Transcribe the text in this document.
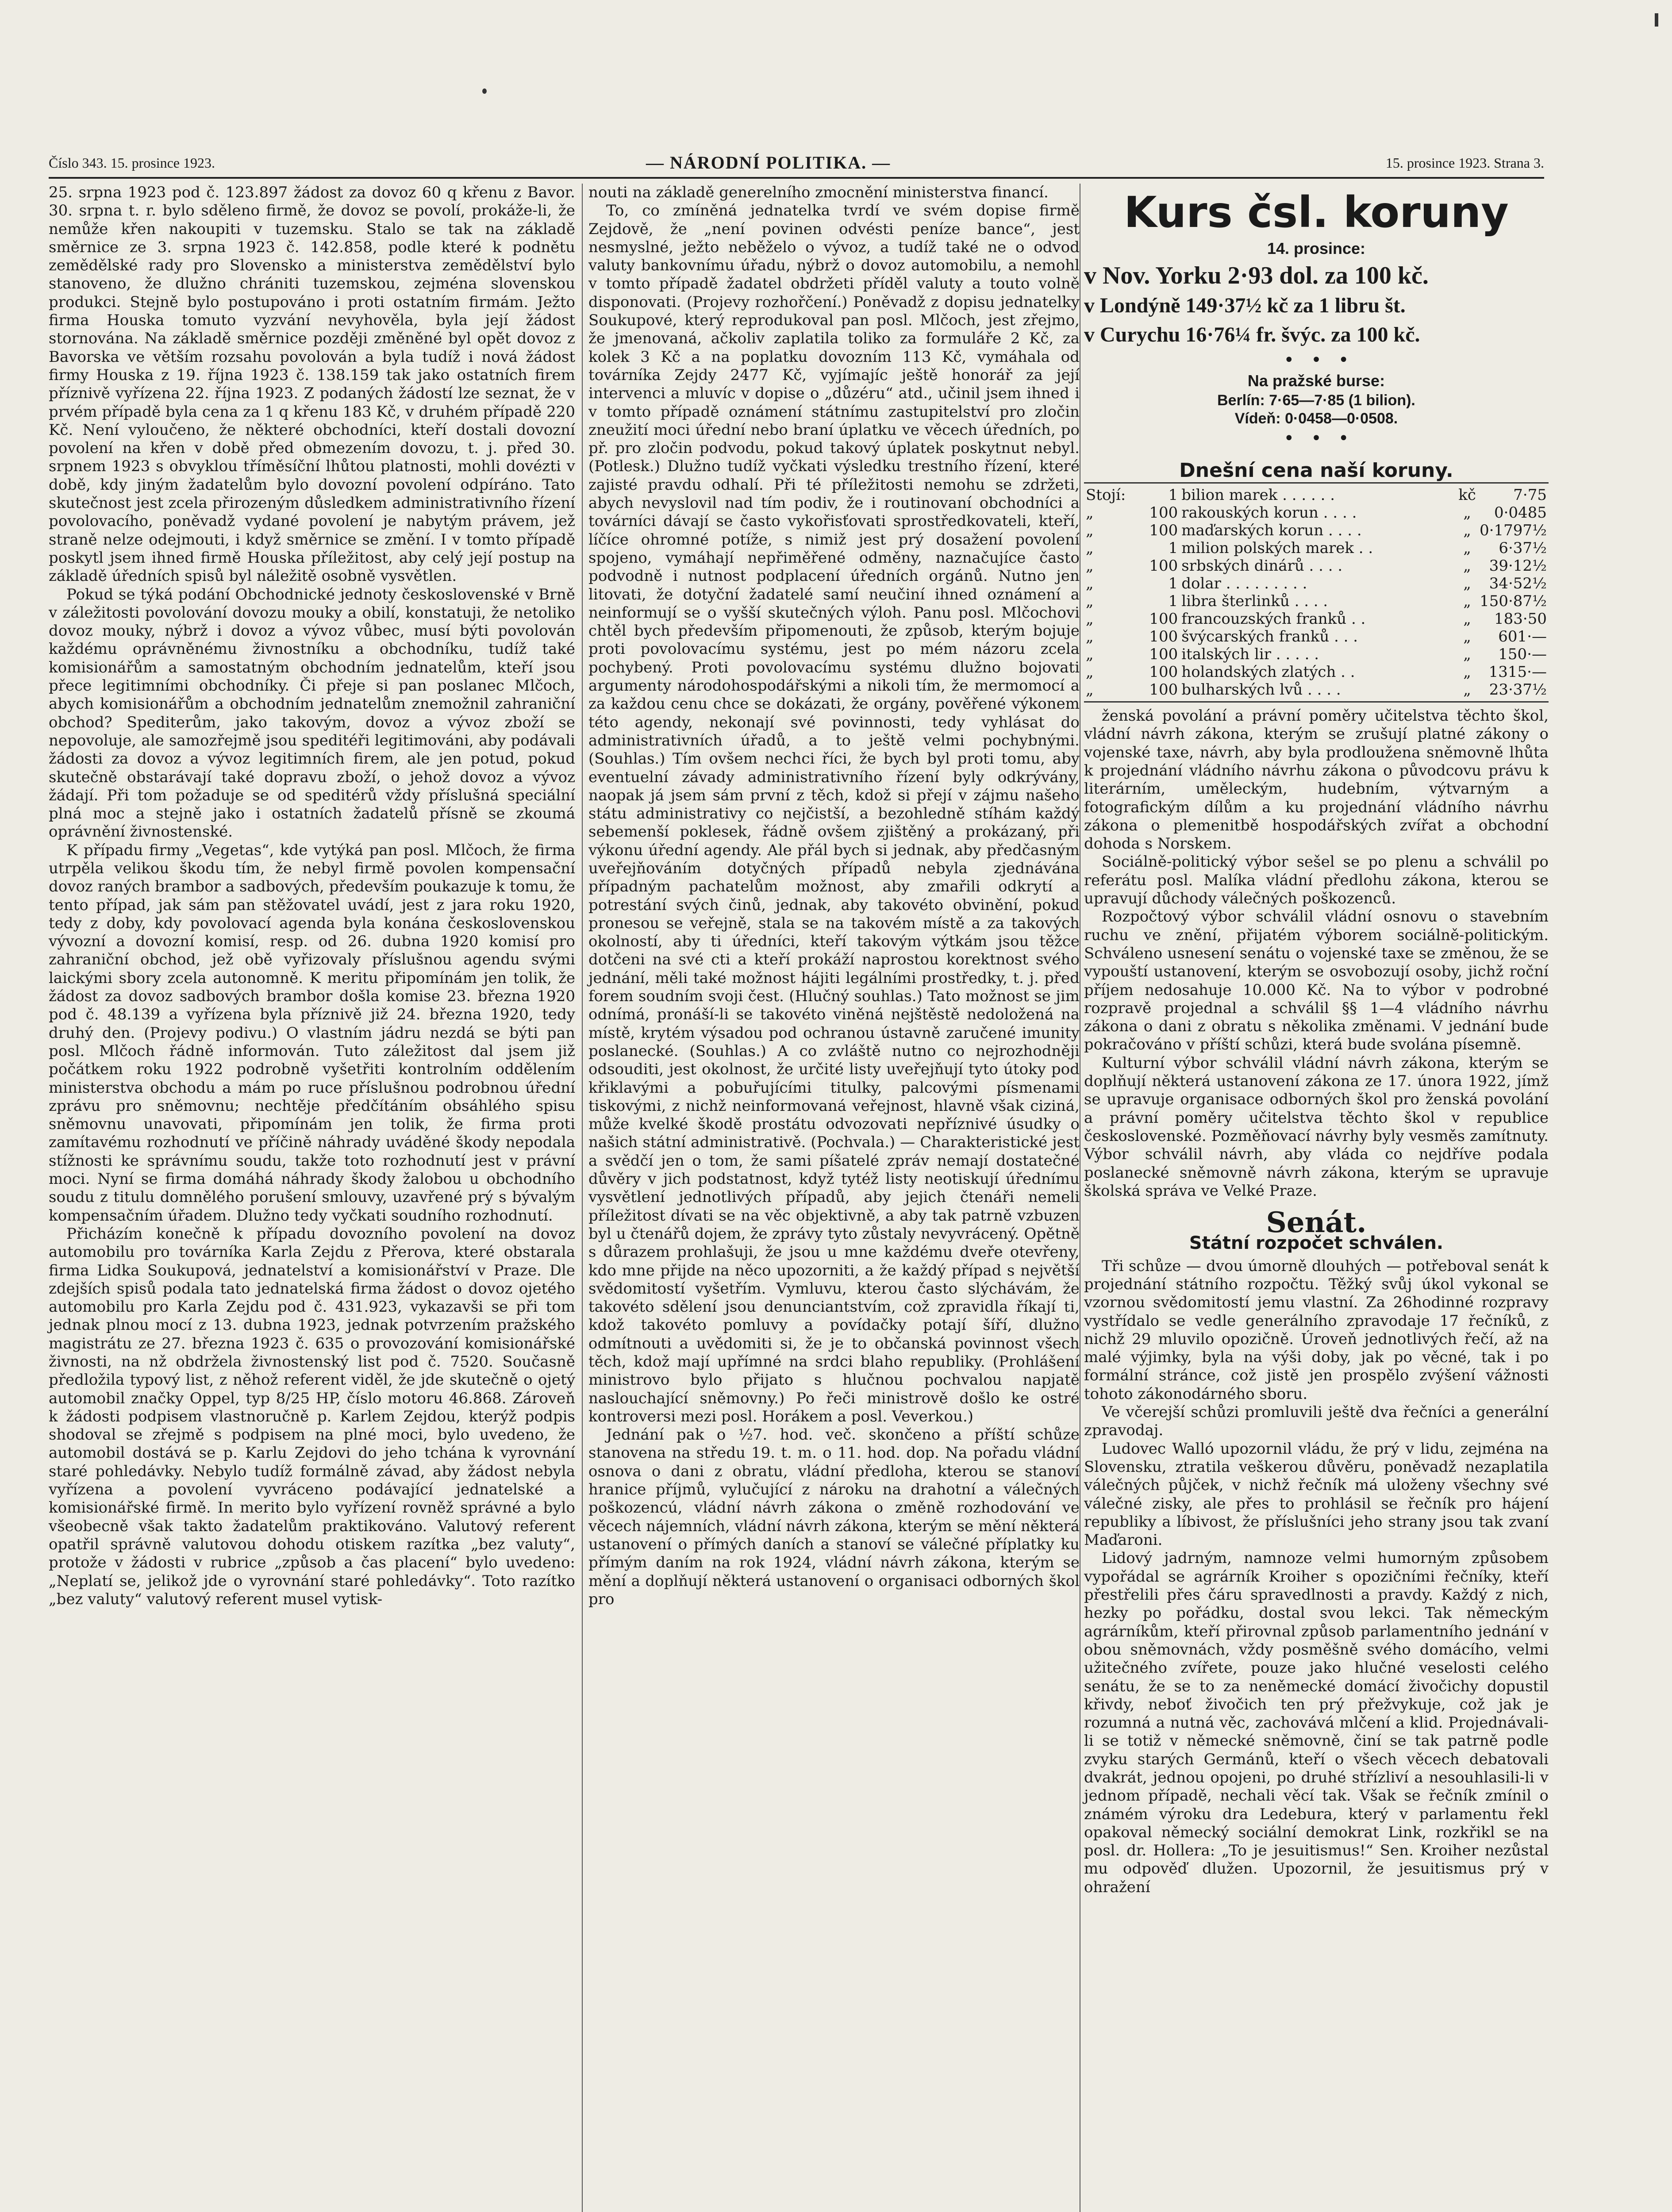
Číslo 343. 15. prosince 1923.	— NÁRODNÍ POLITIKA. —	15. prosince 1923. Strana 3.

25. srpna 1923 pod č. 123.897 žádost za dovoz 60 q křenu z Bavor. 30. srpna t. r. bylo sděleno firmě, že dovoz se povolí, prokáže-li, že nemůže křen nakoupiti v tuzemsku. Stalo se tak na základě směrnice ze 3. srpna 1923 č. 142.858, podle které k podnětu zemědělské rady pro Slovensko a ministerstva zemědělství bylo stanoveno, že dlužno chrániti tuzemskou, zejména slovenskou produkci. Stejně bylo postupováno i proti ostatním firmám. Ježto firma Houska tomuto vyzvání nevyhověla, byla její žádost stornována. Na základě směrnice později změněné byl opět dovoz z Bavorska ve větším rozsahu povolován a byla tudíž i nová žádost firmy Houska z 19. října 1923 č. 138.159 tak jako ostatních firem příznivě vyřízena 22. října 1923. Z podaných žádostí lze seznat, že v prvém případě byla cena za 1 q křenu 183 Kč, v druhém případě 220 Kč. Není vyloučeno, že některé obchodníci, kteří dostali dovozní povolení na křen v době před obmezením dovozu, t. j. před 30. srpnem 1923 s obvyklou tříměsíční lhůtou platnosti, mohli dovézti v době, kdy jiným žadatelům bylo dovozní povolení odpíráno. Tato skutečnost jest zcela přirozeným důsledkem administrativního řízení povolovacího, poněvadž vydané povolení je nabytým právem, jež straně nelze odejmouti, i když směrnice se změní. I v tomto případě poskytl jsem ihned firmě Houska příležitost, aby celý její postup na základě úředních spisů byl náležitě osobně vysvětlen.

Pokud se týká podání Obchodnické jednoty československé v Brně v záležitosti povolování dovozu mouky a obilí, konstatuji, že netoliko dovoz mouky, nýbrž i dovoz a vývoz vůbec, musí býti povolován každému oprávněnému živnostníku a obchodníku, tudíž také komisionářům a samostatným obchodním jednatelům, kteří jsou přece legitimními obchodníky. Či přeje si pan poslanec Mlčoch, abych komisionářům a obchodním jednatelům znemožnil zahraniční obchod? Spediterům, jako takovým, dovoz a vývoz zboží se nepovoluje, ale samozřejmě jsou speditéři legitimováni, aby podávali žádosti za dovoz a vývoz legitimních firem, ale jen potud, pokud skutečně obstarávají také dopravu zboží, o jehož dovoz a vývoz žádají. Při tom požaduje se od speditérů vždy příslušná speciální plná moc a stejně jako i ostatních žadatelů přísně se zkoumá oprávnění živnostenské.

K případu firmy „Vegetas“, kde vytýká pan posl. Mlčoch, že firma utrpěla velikou škodu tím, že nebyl firmě povolen kompensační dovoz raných brambor a sadbových, především poukazuje k tomu, že tento případ, jak sám pan stěžovatel uvádí, jest z jara roku 1920, tedy z doby, kdy povolovací agenda byla konána československou vývozní a dovozní komisí, resp. od 26. dubna 1920 komisí pro zahraniční obchod, jež obě vyřizovaly příslušnou agendu svými laickými sbory zcela autonomně. K meritu připomínám jen tolik, že žádost za dovoz sadbových brambor došla komise 23. března 1920 pod č. 48.139 a vyřízena byla příznivě již 24. března 1920, tedy druhý den. (Projevy podivu.) O vlastním jádru nezdá se býti pan posl. Mlčoch řádně informován. Tuto záležitost dal jsem již počátkem roku 1922 podrobně vyšetřiti kontrolním oddělením ministerstva obchodu a mám po ruce příslušnou podrobnou úřední zprávu pro sněmovnu; nechtěje předčítáním obsáhlého spisu sněmovnu unavovati, připomínám jen tolik, že firma proti zamítavému rozhodnutí ve příčině náhrady uváděné škody nepodala stížnosti ke správnímu soudu, takže toto rozhodnutí jest v právní moci. Nyní se firma domáhá náhrady škody žalobou u obchodního soudu z titulu domnělého porušení smlouvy, uzavřené prý s bývalým kompensačním úřadem. Dlužno tedy vyčkati soudního rozhodnutí.

Přicházím konečně k případu dovozního povolení na dovoz automobilu pro továrníka Karla Zejdu z Přerova, které obstarala firma Lidka Soukupová, jednatelství a komisionářství v Praze. Dle zdejších spisů podala tato jednatelská firma žádost o dovoz ojetého automobilu pro Karla Zejdu pod č. 431.923, vykazavši se při tom jednak plnou mocí z 13. dubna 1923, jednak potvrzením pražského magistrátu ze 27. března 1923 č. 635 o provozování komisionářské živnosti, na nž obdržela živnostenský list pod č. 7520. Současně předložila typový list, z něhož referent viděl, že jde skutečně o ojetý automobil značky Oppel, typ 8/25 HP, číslo motoru 46.868. Zároveň k žádosti podpisem vlastnoručně p. Karlem Zejdou, kterýž podpis shodoval se zřejmě s podpisem na plné moci, bylo uvedeno, že automobil dostává se p. Karlu Zejdovi do jeho tchána k vyrovnání staré pohledávky. Nebylo tudíž formálně závad, aby žádost nebyla vyřízena a povolení vyvráceno podávající jednatelské a komisionářské firmě. In merito bylo vyřízení rovněž správné a bylo všeobecně však takto žadatelům praktikováno. Valutový referent opatřil správně valutovou dohodu otiskem razítka „bez valuty“, protože v žádosti v rubrice „způsob a čas placení“ bylo uvedeno: „Neplatí se, jelikož jde o vyrovnání staré pohledávky“. Toto razítko „bez valuty“ valutový referent musel vytisk-

nouti na základě generelního zmocnění ministerstva financí.

To, co zmíněná jednatelka tvrdí ve svém dopise firmě Zejdově, že „není povinen odvésti peníze bance“, jest nesmyslné, ježto neběželo o vývoz, a tudíž také ne o odvod valuty bankovnímu úřadu, nýbrž o dovoz automobilu, a nemohl v tomto případě žadatel obdržeti příděl valuty a touto volně disponovati. (Projevy rozhořčení.) Poněvadž z dopisu jednatelky Soukupové, který reprodukoval pan posl. Mlčoch, jest zřejmo, že jmenovaná, ačkoliv zaplatila toliko za formuláře 2 Kč, za kolek 3 Kč a na poplatku dovozním 113 Kč, vymáhala od továrníka Zejdy 2477 Kč, vyjímajíc ještě honorář za její intervenci a mluvíc v dopise o „důzéru“ atd., učinil jsem ihned i v tomto případě oznámení státnímu zastupitelství pro zločin zneužití moci úřední nebo braní úplatku ve věcech úředních, po př. pro zločin podvodu, pokud takový úplatek poskytnut nebyl. (Potlesk.) Dlužno tudíž vyčkati výsledku trestního řízení, které zajisté pravdu odhalí. Při té příležitosti nemohu se zdržeti, abych nevyslovil nad tím podiv, že i routinovaní obchodníci a továrníci dávají se často vykořisťovati sprostředkovateli, kteří, líčíce ohromné potíže, s nimiž jest prý dosažení povolení spojeno, vymáhají nepřiměřené odměny, naznačujíce často podvodně i nutnost podplacení úředních orgánů. Nutno jen litovati, že dotyční žadatelé samí neučiní ihned oznámení a neinformují se o vyšší skutečných výloh. Panu posl. Mlčochovi chtěl bych především připomenouti, že způsob, kterým bojuje proti povolovacímu systému, jest po mém názoru zcela pochybený. Proti povolovacímu systému dlužno bojovati argumenty národohospodářskými a nikoli tím, že mermomocí a za každou cenu chce se dokázati, že orgány, pověřené výkonem této agendy, nekonají své povinnosti, tedy vyhlásat do administrativních úřadů, a to ještě velmi pochybnými. (Souhlas.) Tím ovšem nechci říci, že bych byl proti tomu, aby eventuelní závady administrativního řízení byly odkrývány, naopak já jsem sám první z těch, kdož si přejí v zájmu našeho státu administrativy co nejčistší, a bezohledně stíhám každý sebemenší poklesek, řádně ovšem zjištěný a prokázaný, při výkonu úřední agendy. Ale přál bych si jednak, aby předčasným uveřejňováním dotyčných případů nebyla zjednávána případným pachatelům možnost, aby zmařili odkrytí a potrestání svých činů, jednak, aby takovéto obvinění, pokud pronesou se veřejně, stala se na takovém místě a za takových okolností, aby ti úředníci, kteří takovým výtkám jsou těžce dotčeni na své cti a kteří prokáží naprostou korektnost svého jednání, měli také možnost hájiti legálními prostředky, t. j. před forem soudním svoji čest. (Hlučný souhlas.) Tato možnost se jim odnímá, pronáší-li se takovéto viněná nejštěstě nedoložená na místě, krytém výsadou pod ochranou ústavně zaručené imunity poslanecké. (Souhlas.) A co zvláště nutno co nejrozhodněji odsouditi, jest okolnost, že určité listy uveřejňují tyto útoky pod křiklavými a pobuřujícími titulky, palcovými písmenami tiskovými, z nichž neinformovaná veřejnost, hlavně však ciziná, může kvelké škodě prostátu odvozovati nepříznivé úsudky o našich státní administrativě. (Pochvala.) — Charakteristické jest a svědčí jen o tom, že sami píšatelé zpráv nemají dostatečné důvěry v jich podstatnost, když tytéž listy neotiskují úřednímu vysvětlení jednotlivých případů, aby jejich čtenáři nemeli příležitost dívati se na věc objektivně, a aby tak patrně vzbuzen byl u čtenářů dojem, že zprávy tyto zůstaly nevyvrácený. Opětně s důrazem prohlašuji, že jsou u mne každému dveře otevřeny, kdo mne přijde na něco upozorniti, a že každý případ s největší svědomitostí vyšetřím. Vymluvu, kterou často slýchávám, že takovéto sdělení jsou denunciantstvím, což zpravidla říkají ti, kdož takovéto pomluvy a povídačky potají šíří, dlužno odmítnouti a uvědomiti si, že je to občanská povinnost všech těch, kdož mají upřímné na srdci blaho republiky. (Prohlášení ministrovo bylo přijato s hlučnou pochvalou napjatě naslouchající sněmovny.) Po řeči ministrově došlo ke ostré kontroversi mezi posl. Horákem a posl. Veverkou.)

Jednání pak o ½7. hod. več. skončeno a příští schůze stanovena na středu 19. t. m. o 11. hod. dop. Na pořadu vládní osnova o dani z obratu, vládní předloha, kterou se stanoví hranice příjmů, vylučující z nároku na drahotní a válečných poškozencú, vládní návrh zákona o změně rozhodování ve věcech nájemních, vládní návrh zákona, kterým se mění některá ustanovení o přímých daních a stanoví se válečné příplatky ku přímým daním na rok 1924, vládní návrh zákona, kterým se mění a doplňují některá ustanovení o organisaci odborných škol pro

Kurs čsl. koruny
14. prosince:
v Nov. Yorku 2·93 dol. za 100 kč.
v Londýně 149·37½ kč za 1 libru št.
v Curychu 16·76¼ fr. švýc. za 100 kč.
•   •   •
Na pražské burse:
Berlín: 7·65—7·85 (1 bilion).
Vídeň: 0·0458—0·0508.
•   •   •
Dnešní cena naší koruny.
Stojí:	1	bilion marek . . . . . .	kč	7·75
„	100	rakouských korun . . . .	„	0·0485
„	100	maďarských korun . . . .	„	0·1797½
„	1	milion polských marek . .	„	6·37½
„	100	srbských dinárů . . . .	„	39·12½
„	1	dolar . . . . . . . . .	„	34·52½
„	1	libra šterlinků . . . .	„	150·87½
„	100	francouzských franků . .	„	183·50
„	100	švýcarských franků . . .	„	601·—
„	100	italských lir . . . . .	„	150·—
„	100	holandských zlatých . .	„	1315·—
„	100	bulharských lvů . . . .	„	23·37½

ženská povolání a právní poměry učitelstva těchto škol, vládní návrh zákona, kterým se zrušují platné zákony o vojenské taxe, návrh, aby byla prodloužena sněmovně lhůta k projednání vládního návrhu zákona o původcovu právu k literárním, uměleckým, hudebním, výtvarným a fotografickým dílům a ku projednání vládního návrhu zákona o plemenitbě hospodářských zvířat a obchodní dohoda s Norskem.

Sociálně-politický výbor sešel se po plenu a schválil po referátu posl. Malíka vládní předlohu zákona, kterou se upravují důchody válečných poškozenců.

Rozpočtový výbor schválil vládní osnovu o stavebním ruchu ve znění, přijatém výborem sociálně-politickým. Schváleno usnesení senátu o vojenské taxe se změnou, že se vypouští ustanovení, kterým se osvobozují osoby, jichž roční příjem nedosahuje 10.000 Kč. Na to výbor v podrobné rozpravě projednal a schválil §§ 1—4 vládního návrhu zákona o dani z obratu s několika změnami. V jednání bude pokračováno v příští schůzi, která bude svolána písemně.

Kulturní výbor schválil vládní návrh zákona, kterým se doplňují některá ustanovení zákona ze 17. února 1922, jímž se upravuje organisace odborných škol pro ženská povolání a právní poměry učitelstva těchto škol v republice československé. Pozměňovací návrhy byly vesměs zamítnuty. Výbor schválil návrh, aby vláda co nejdříve podala poslanecké sněmovně návrh zákona, kterým se upravuje školská správa ve Velké Praze.

Senát.
Státní rozpočet schválen.

Tři schůze — dvou úmorně dlouhých — potřeboval senát k projednání státního rozpočtu. Těžký svůj úkol vykonal se vzornou svědomitostí jemu vlastní. Za 26hodinné rozpravy vystřídalo se vedle generálního zpravodaje 17 řečníků, z nichž 29 mluvilo opozičně. Úroveň jednotlivých řečí, až na malé výjimky, byla na výši doby, jak po věcné, tak i po formální stránce, což jistě jen prospělo zvýšení vážnosti tohoto zákonodárného sboru.

Ve včerejší schůzi promluvili ještě dva řečníci a generální zpravodaj.

Ludovec Walló upozornil vládu, že prý v lidu, zejména na Slovensku, ztratila veškerou důvěru, poněvadž nezaplatila válečných půjček, v nichž řečník má uloženy všechny své válečné zisky, ale přes to prohlásil se řečník pro hájení republiky a líbivost, že příslušníci jeho strany jsou tak zvaní Maďaroni.

Lidový jadrným, namnoze velmi humorným způsobem vypořádal se agrárník Kroiher s opozičními řečníky, kteří přestřelili přes čáru spravedlnosti a pravdy. Každý z nich, hezky po pořádku, dostal svou lekci. Tak německým agrárníkům, kteří přirovnal způsob parlamentního jednání v obou sněmovnách, vždy posměšně svého domácího, velmi užitečného zvířete, pouze jako hlučné veselosti celého senátu, že se to za neněmecké domácí živočichy dopustil křivdy, neboť živočich ten prý přežvykuje, což jak je rozumná a nutná věc, zachovává mlčení a klid. Projednávali-li se totiž v německé sněmovně, činí se tak patrně podle zvyku starých Germánů, kteří o všech věcech debatovali dvakrát, jednou opojeni, po druhé střízliví a nesouhlasili-li v jednom případě, nechali věcí tak. Však se řečník zmínil o známém výroku dra Ledebura, který v parlamentu řekl opakoval německý sociální demokrat Link, rozkřikl se na posl. dr. Hollera: „To je jesuitismus!“ Sen. Kroiher nezůstal mu odpověď dlužen. Upozornil, že jesuitismus prý v ohražení
